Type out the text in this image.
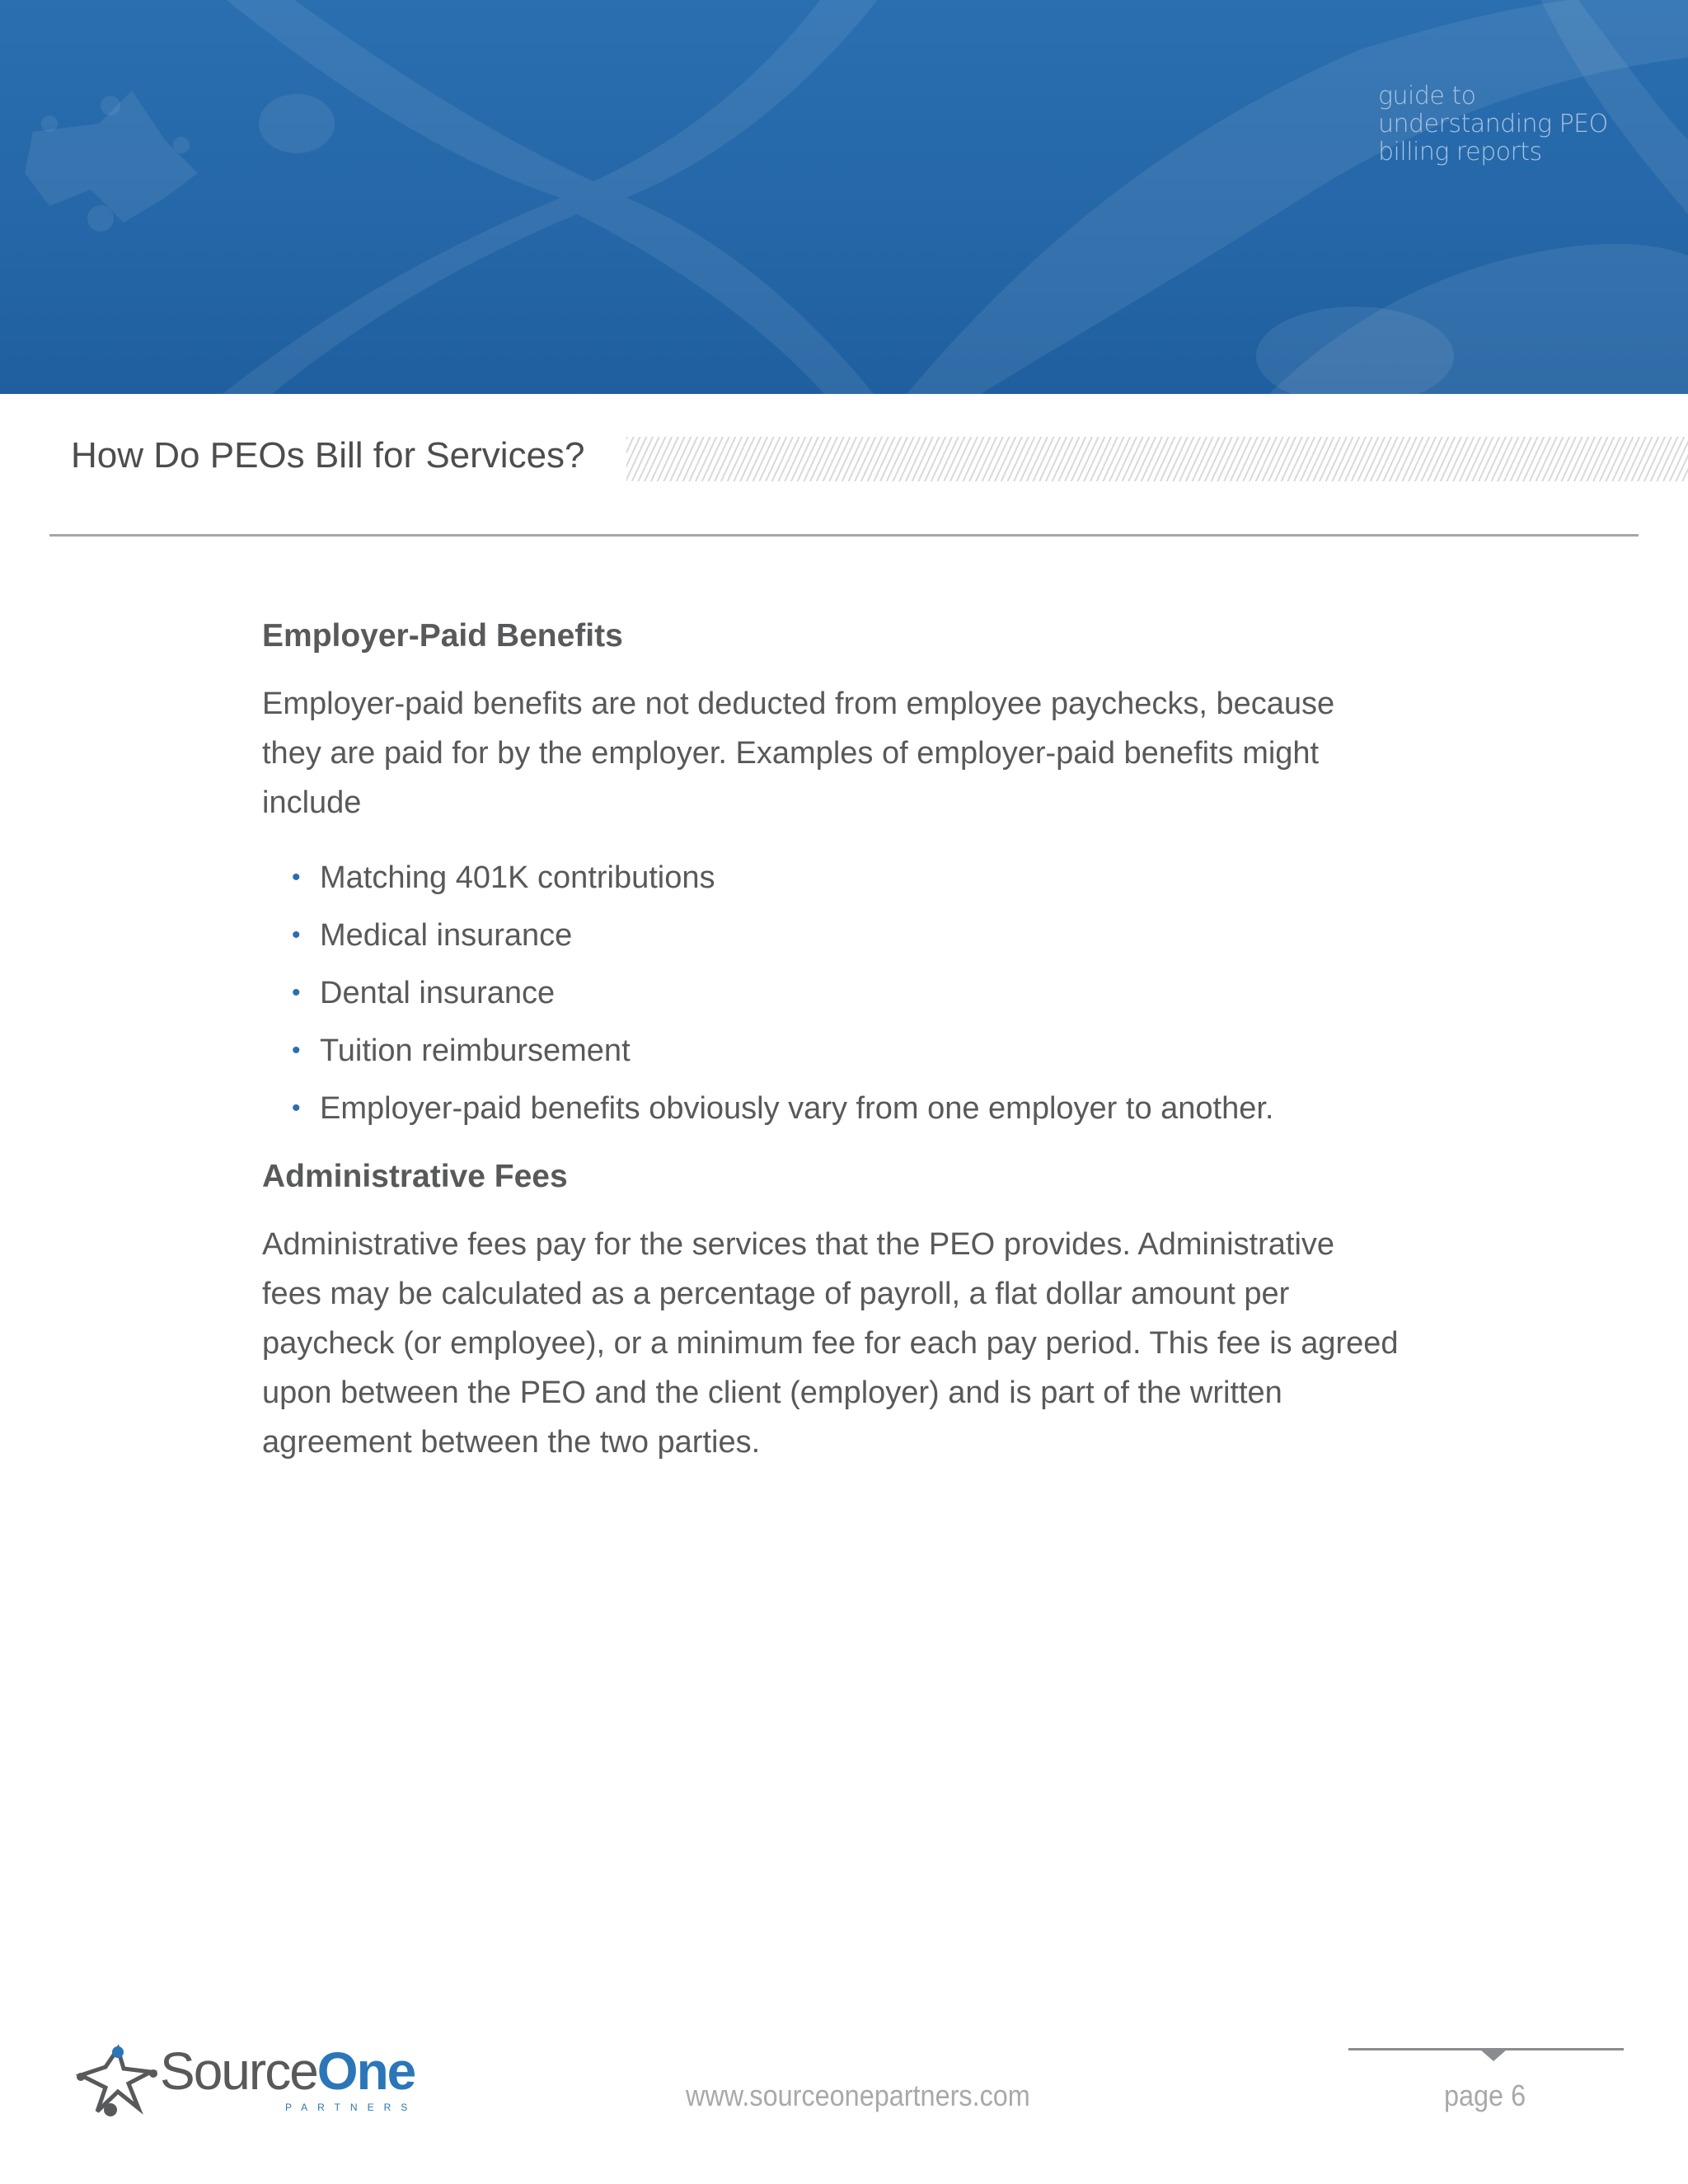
guide to
understanding PEO
billing reports
How Do PEOs Bill for Services?
Employer-Paid Benefits

Employer-paid benefits are not deducted from employee paychecks, because they are paid for by the employer. Examples of employer-paid benefits might include

• Matching 401K contributions
• Medical insurance
• Dental insurance
• Tuition reimbursement
• Employer-paid benefits obviously vary from one employer to another.
Administrative Fees

Administrative fees pay for the services that the PEO provides. Administrative fees may be calculated as a percentage of payroll, a flat dollar amount per paycheck (or employee), or a minimum fee for each pay period. This fee is agreed upon between the PEO and the client (employer) and is part of the written agreement between the two parties.

SourceOne
PARTNERS	www.sourceonepartners.com	page 6
